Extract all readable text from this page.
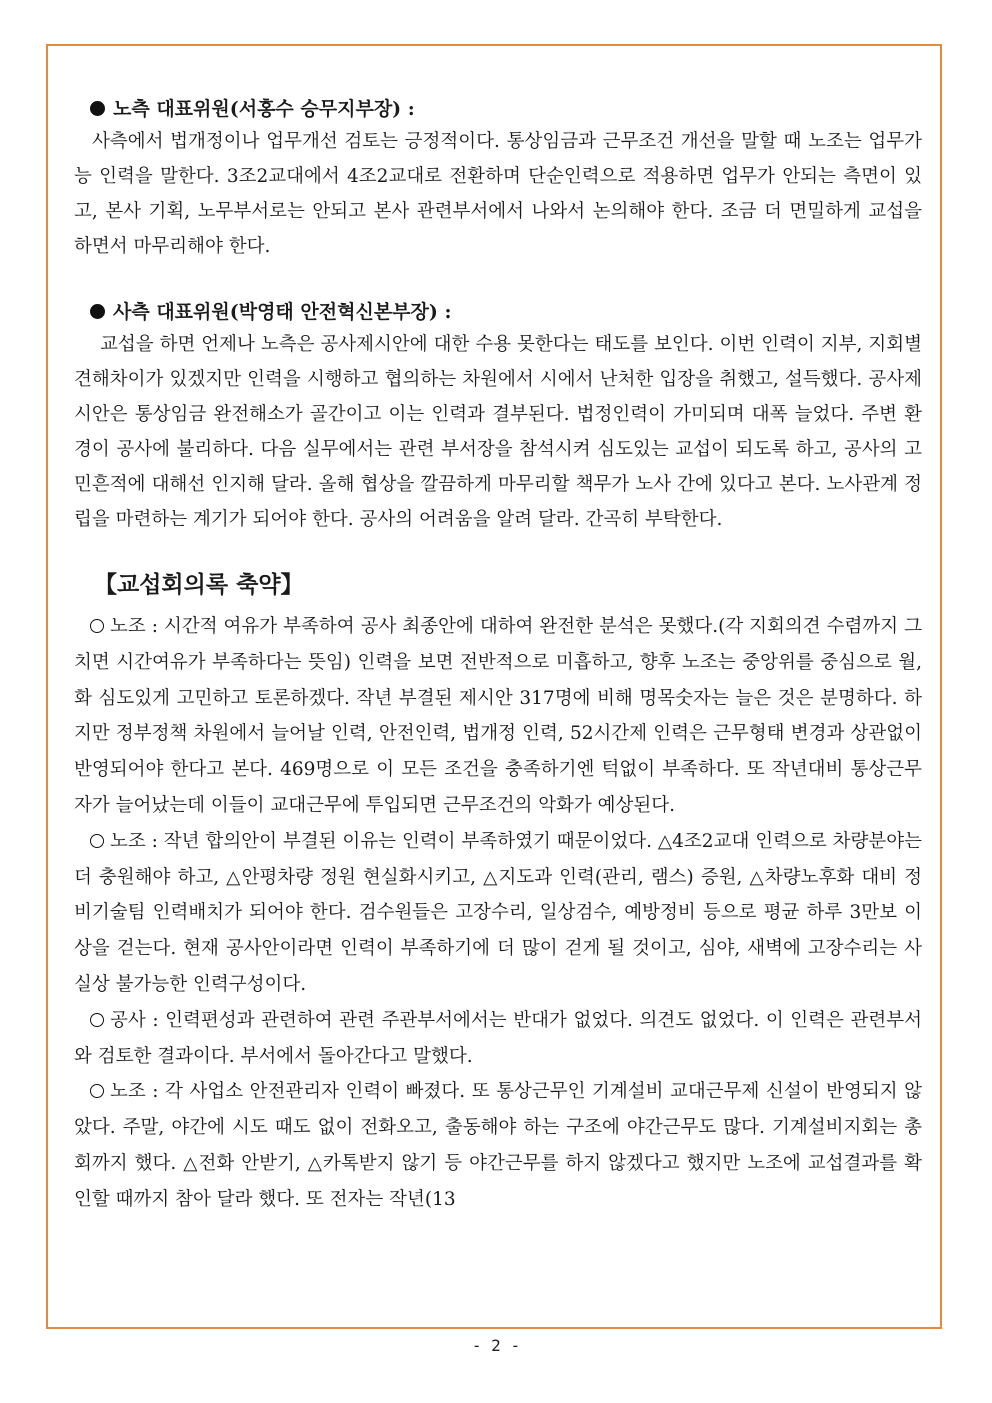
노측 대표위원(서홍수 승무지부장) :

사측에서 법개정이나 업무개선 검토는 긍정적이다. 통상임금과 근무조건 개선을 말할 때 노조는 업무가능 인력을 말한다. 3조2교대에서 4조2교대로 전환하며 단순인력으로 적용하면 업무가 안되는 측면이 있고, 본사 기획, 노무부서로는 안되고 본사 관련부서에서 나와서 논의해야 한다. 조금 더 면밀하게 교섭을 하면서 마무리해야 한다.

사측 대표위원(박영태 안전혁신본부장) :

교섭을 하면 언제나 노측은 공사제시안에 대한 수용 못한다는 태도를 보인다. 이번 인력이 지부, 지회별 견해차이가 있겠지만 인력을 시행하고 협의하는 차원에서 시에서 난처한 입장을 취했고, 설득했다. 공사제시안은 통상임금 완전해소가 골간이고 이는 인력과 결부된다. 법정인력이 가미되며 대폭 늘었다. 주변 환경이 공사에 불리하다. 다음 실무에서는 관련 부서장을 참석시켜 심도있는 교섭이 되도록 하고, 공사의 고민흔적에 대해선 인지해 달라. 올해 협상을 깔끔하게 마무리할 책무가 노사 간에 있다고 본다. 노사관계 정립을 마련하는 계기가 되어야 한다. 공사의 어려움을 알려 달라. 간곡히 부탁한다.

【교섭회의록 축약】

노조 : 시간적 여유가 부족하여 공사 최종안에 대하여 완전한 분석은 못했다.(각 지회의견 수렴까지 그치면 시간여유가 부족하다는 뜻임) 인력을 보면 전반적으로 미흡하고, 향후 노조는 중앙위를 중심으로 월, 화 심도있게 고민하고 토론하겠다. 작년 부결된 제시안 317명에 비해 명목숫자는 늘은 것은 분명하다. 하지만 정부정책 차원에서 늘어날 인력, 안전인력, 법개정 인력, 52시간제 인력은 근무형태 변경과 상관없이 반영되어야 한다고 본다. 469명으로 이 모든 조건을 충족하기엔 턱없이 부족하다. 또 작년대비 통상근무자가 늘어났는데 이들이 교대근무에 투입되면 근무조건의 악화가 예상된다.

노조 : 작년 합의안이 부결된 이유는 인력이 부족하였기 때문이었다. △4조2교대 인력으로 차량분야는 더 충원해야 하고, △안평차량 정원 현실화시키고, △지도과 인력(관리, 램스) 증원, △차량노후화 대비 정비기술팀 인력배치가 되어야 한다. 검수원들은 고장수리, 일상검수, 예방정비 등으로 평균 하루 3만보 이상을 걷는다. 현재 공사안이라면 인력이 부족하기에 더 많이 걷게 될 것이고, 심야, 새벽에 고장수리는 사실상 불가능한 인력구성이다.

공사 : 인력편성과 관련하여 관련 주관부서에서는 반대가 없었다. 의견도 없었다. 이 인력은 관련부서와 검토한 결과이다. 부서에서 돌아간다고 말했다.

노조 : 각 사업소 안전관리자 인력이 빠졌다. 또 통상근무인 기계설비 교대근무제 신설이 반영되지 않았다. 주말, 야간에 시도 때도 없이 전화오고, 출동해야 하는 구조에 야간근무도 많다. 기계설비지회는 총회까지 했다. △전화 안받기, △카톡받지 않기 등 야간근무를 하지 않겠다고 했지만 노조에 교섭결과를 확인할 때까지 참아 달라 했다. 또 전자는 작년(13

- 2 -
